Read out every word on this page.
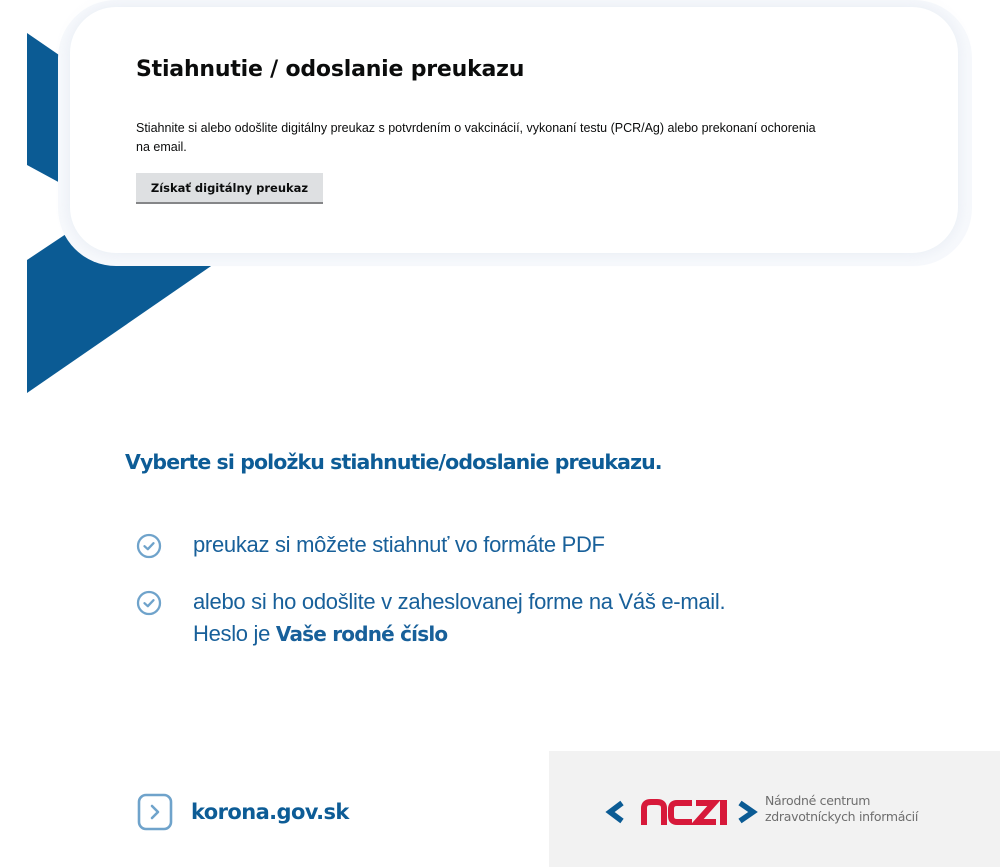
Stiahnutie / odoslanie preukazu

Stiahnite si alebo odošlite digitálny preukaz s potvrdením o vakcinácií, vykonaní testu (PCR/Ag) alebo prekonaní ochorenia na email.

Získať digitálny preukaz
Vyberte si položku stiahnutie/odoslanie preukazu.
preukaz si môžete stiahnuť vo formáte PDF
alebo si ho odošlite v zaheslovanej forme na Váš e-mail.
Heslo je Vaše rodné číslo
korona.gov.sk	Národné centrum
zdravotníckych informácií
